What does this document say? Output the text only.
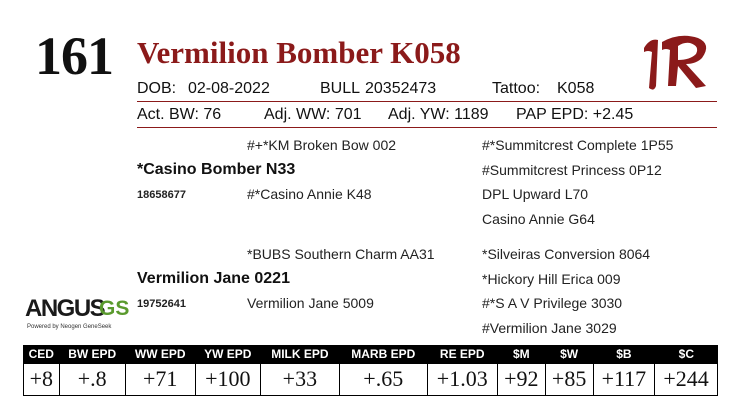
161 Vermilion Bomber K058
DOB: 02-08-2022	BULL 20352473	Tattoo: K058
Act. BW: 76	Adj. WW: 701 Adj. YW: 1189 PAP EPD: +2.45
#+*KM Broken Bow 002
*Casino Bomber N33
18658677	#*Casino Annie K48
#*Summitcrest Complete 1P55
#Summitcrest Princess 0P12
DPL Upward L70
Casino Annie G64
*BUBS Southern Charm AA31
Vermilion Jane 0221
19752641	Vermilion Jane 5009
*Silveiras Conversion 8064
*Hickory Hill Erica 009
#*S A V Privilege 3030
#Vermilion Jane 3029
ANGUS
GS
Powered by Neogen GeneSeek
CED	BW EPD	WW EPD	YW EPD	MILK EPD	MARB EPD	RE EPD	$M	$W	$B	$C
+8	+.8	+71	+100	+33	+.65	+1.03	+92	+85	+117	+244
